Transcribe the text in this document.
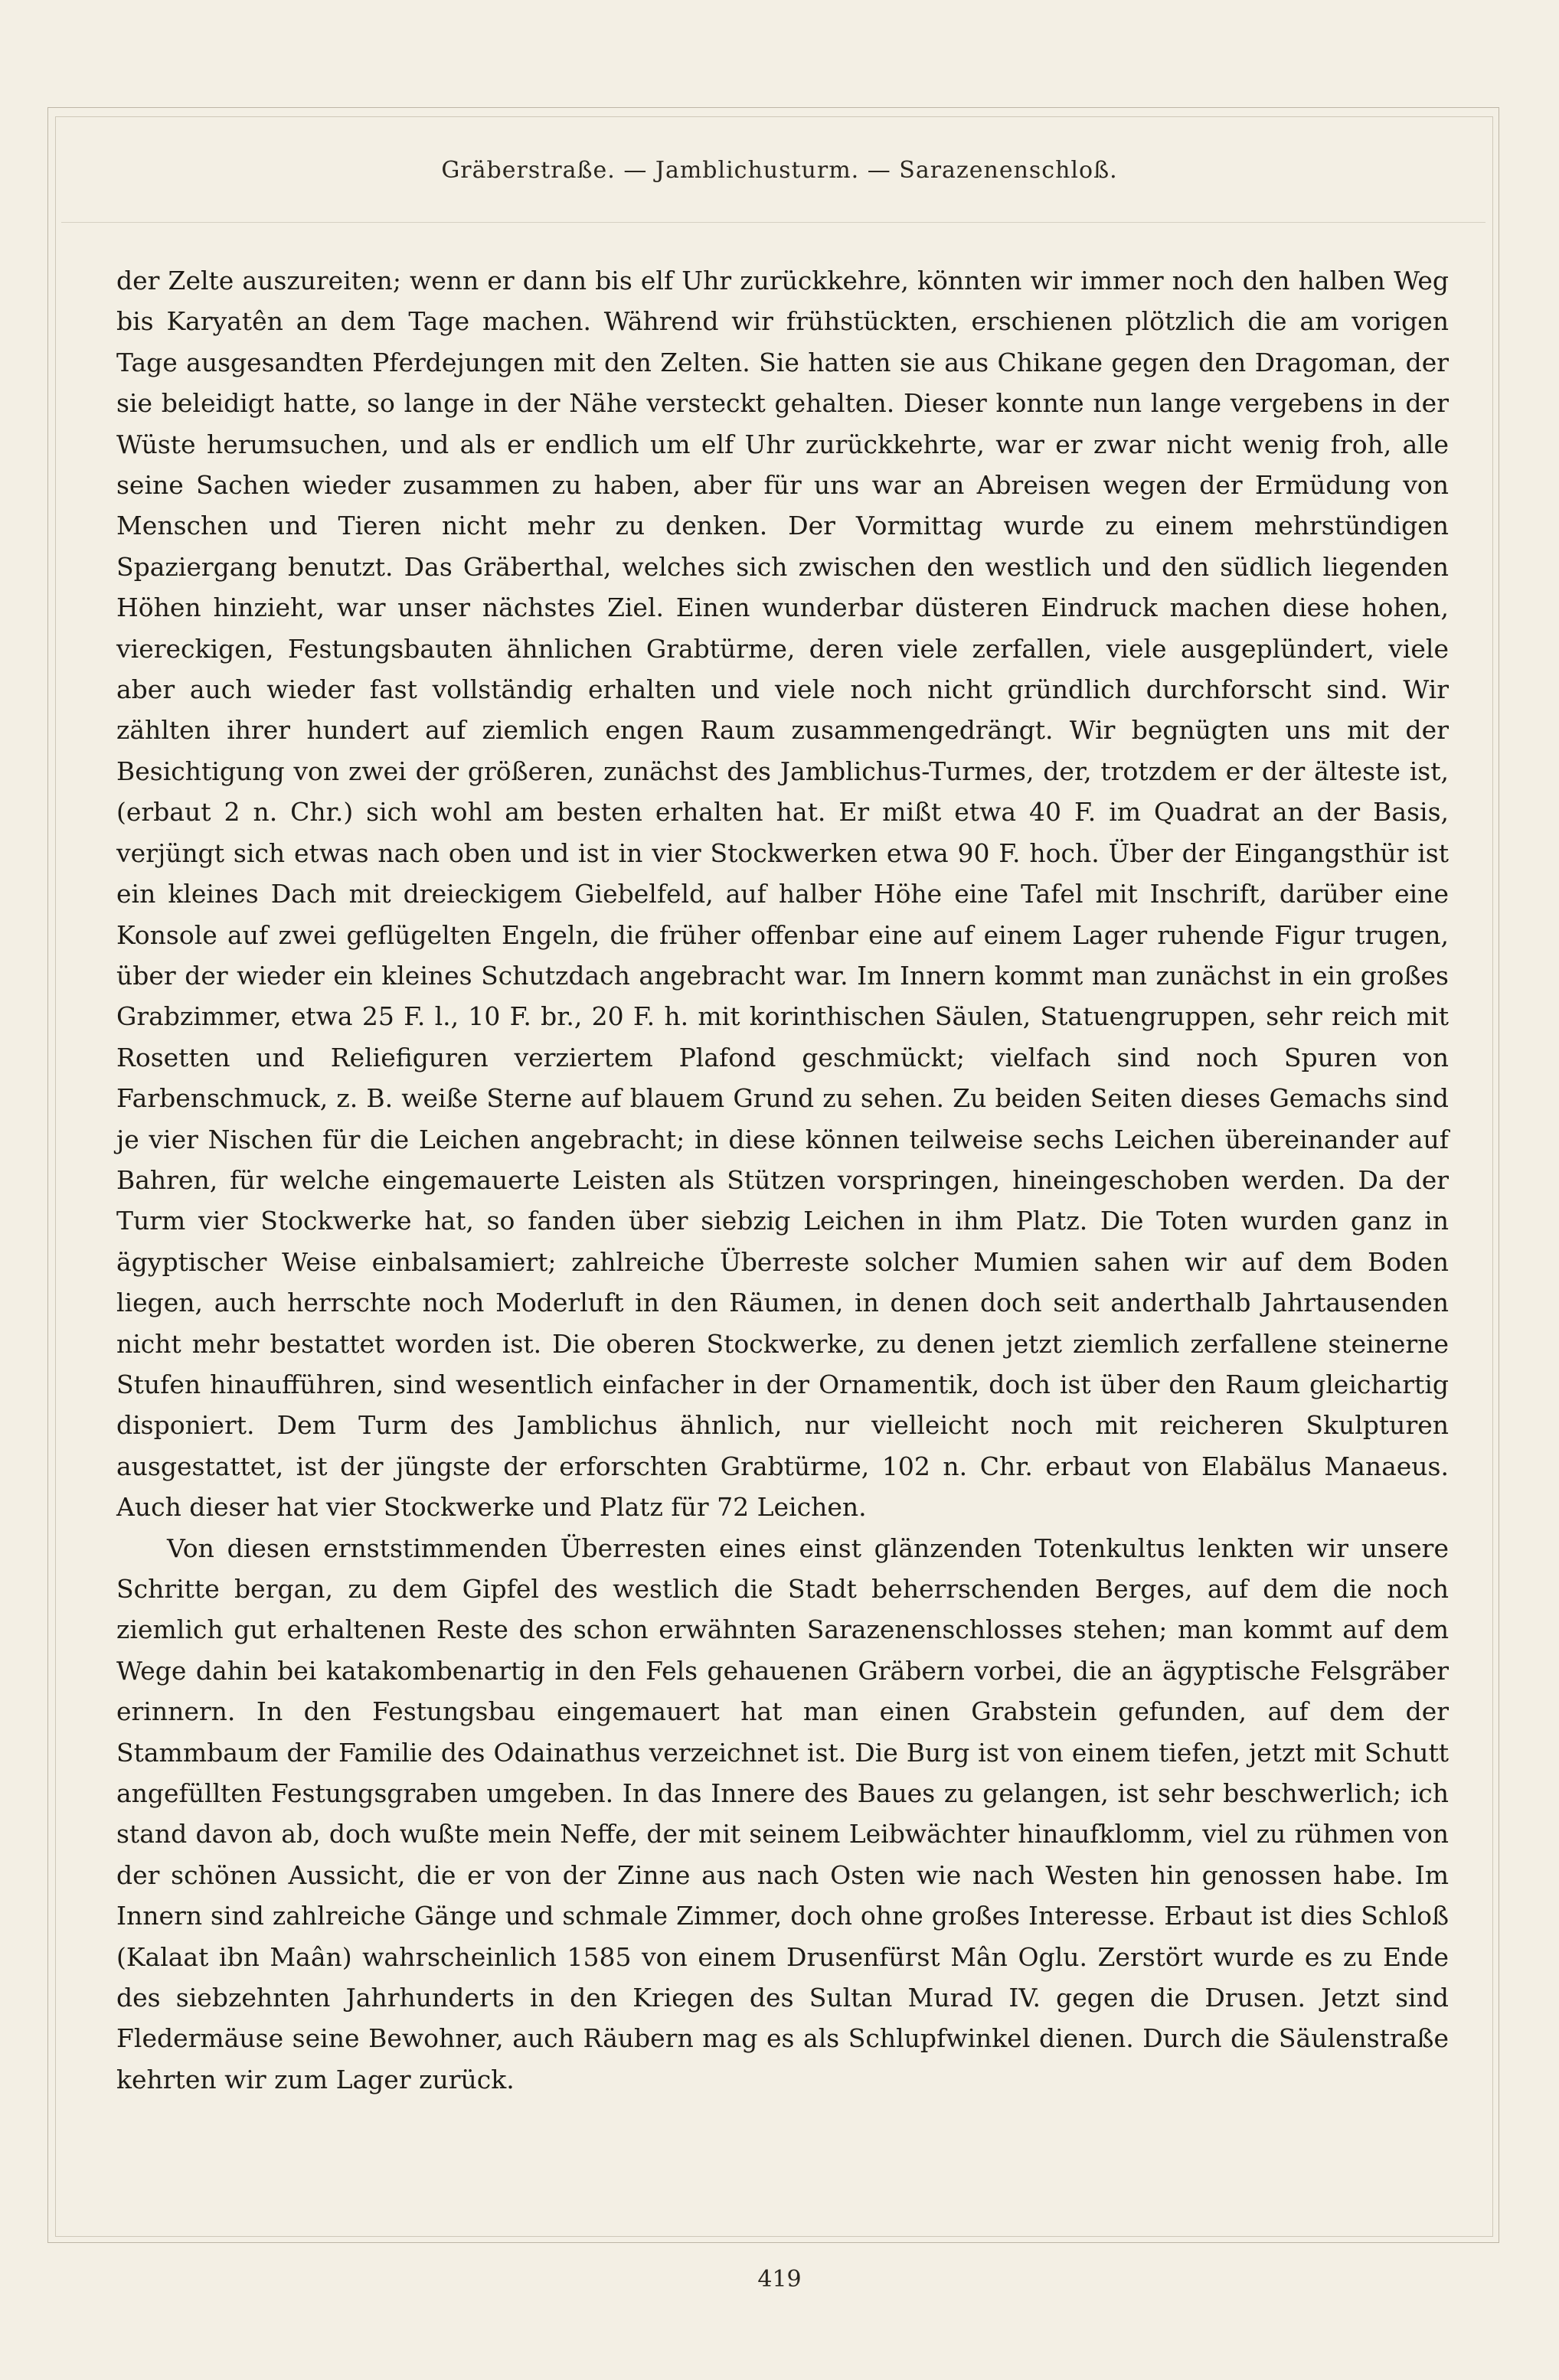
Gräberstraße. — Jamblichusturm. — Sarazenenschloß.

der Zelte auszureiten; wenn er dann bis elf Uhr zurückkehre, könnten wir immer noch den halben Weg bis Karyatên an dem Tage machen. Während wir frühstückten, erschienen plötzlich die am vorigen Tage ausgesandten Pferdejungen mit den Zelten. Sie hatten sie aus Chikane gegen den Dragoman, der sie beleidigt hatte, so lange in der Nähe versteckt gehalten. Dieser konnte nun lange vergebens in der Wüste herumsuchen, und als er endlich um elf Uhr zurückkehrte, war er zwar nicht wenig froh, alle seine Sachen wieder zusammen zu haben, aber für uns war an Abreisen wegen der Ermüdung von Menschen und Tieren nicht mehr zu denken. Der Vormittag wurde zu einem mehrstündigen Spaziergang benutzt. Das Gräberthal, welches sich zwischen den westlich und den südlich liegenden Höhen hinzieht, war unser nächstes Ziel. Einen wunderbar düsteren Eindruck machen diese hohen, viereckigen, Festungsbauten ähnlichen Grabtürme, deren viele zerfallen, viele ausgeplündert, viele aber auch wieder fast vollständig erhalten und viele noch nicht gründlich durchforscht sind. Wir zählten ihrer hundert auf ziemlich engen Raum zusammengedrängt. Wir begnügten uns mit der Besichtigung von zwei der größeren, zunächst des Jamblichus-Turmes, der, trotzdem er der älteste ist, (erbaut 2 n. Chr.) sich wohl am besten erhalten hat. Er mißt etwa 40 F. im Quadrat an der Basis, verjüngt sich etwas nach oben und ist in vier Stockwerken etwa 90 F. hoch. Über der Eingangsthür ist ein kleines Dach mit dreieckigem Giebelfeld, auf halber Höhe eine Tafel mit Inschrift, darüber eine Konsole auf zwei geflügelten Engeln, die früher offenbar eine auf einem Lager ruhende Figur trugen, über der wieder ein kleines Schutzdach angebracht war. Im Innern kommt man zunächst in ein großes Grabzimmer, etwa 25 F. l., 10 F. br., 20 F. h. mit korinthischen Säulen, Statuengruppen, sehr reich mit Rosetten und Reliefiguren verziertem Plafond geschmückt; vielfach sind noch Spuren von Farbenschmuck, z. B. weiße Sterne auf blauem Grund zu sehen. Zu beiden Seiten dieses Gemachs sind je vier Nischen für die Leichen angebracht; in diese können teilweise sechs Leichen übereinander auf Bahren, für welche eingemauerte Leisten als Stützen vorspringen, hineingeschoben werden. Da der Turm vier Stockwerke hat, so fanden über siebzig Leichen in ihm Platz. Die Toten wurden ganz in ägyptischer Weise einbalsamiert; zahlreiche Überreste solcher Mumien sahen wir auf dem Boden liegen, auch herrschte noch Moderluft in den Räumen, in denen doch seit anderthalb Jahrtausenden nicht mehr bestattet worden ist. Die oberen Stockwerke, zu denen jetzt ziemlich zerfallene steinerne Stufen hinaufführen, sind wesentlich einfacher in der Ornamentik, doch ist über den Raum gleichartig disponiert. Dem Turm des Jamblichus ähnlich, nur vielleicht noch mit reicheren Skulpturen ausgestattet, ist der jüngste der erforschten Grabtürme, 102 n. Chr. erbaut von Elabälus Manaeus. Auch dieser hat vier Stockwerke und Platz für 72 Leichen.

Von diesen ernststimmenden Überresten eines einst glänzenden Totenkultus lenkten wir unsere Schritte bergan, zu dem Gipfel des westlich die Stadt beherrschenden Berges, auf dem die noch ziemlich gut erhaltenen Reste des schon erwähnten Sarazenenschlosses stehen; man kommt auf dem Wege dahin bei katakombenartig in den Fels gehauenen Gräbern vorbei, die an ägyptische Felsgräber erinnern. In den Festungsbau eingemauert hat man einen Grabstein gefunden, auf dem der Stammbaum der Familie des Odainathus verzeichnet ist. Die Burg ist von einem tiefen, jetzt mit Schutt angefüllten Festungsgraben umgeben. In das Innere des Baues zu gelangen, ist sehr beschwerlich; ich stand davon ab, doch wußte mein Neffe, der mit seinem Leibwächter hinaufklomm, viel zu rühmen von der schönen Aussicht, die er von der Zinne aus nach Osten wie nach Westen hin genossen habe. Im Innern sind zahlreiche Gänge und schmale Zimmer, doch ohne großes Interesse. Erbaut ist dies Schloß (Kalaat ibn Maân) wahrscheinlich 1585 von einem Drusenfürst Mân Oglu. Zerstört wurde es zu Ende des siebzehnten Jahrhunderts in den Kriegen des Sultan Murad IV. gegen die Drusen. Jetzt sind Fledermäuse seine Bewohner, auch Räubern mag es als Schlupfwinkel dienen. Durch die Säulenstraße kehrten wir zum Lager zurück.

419
